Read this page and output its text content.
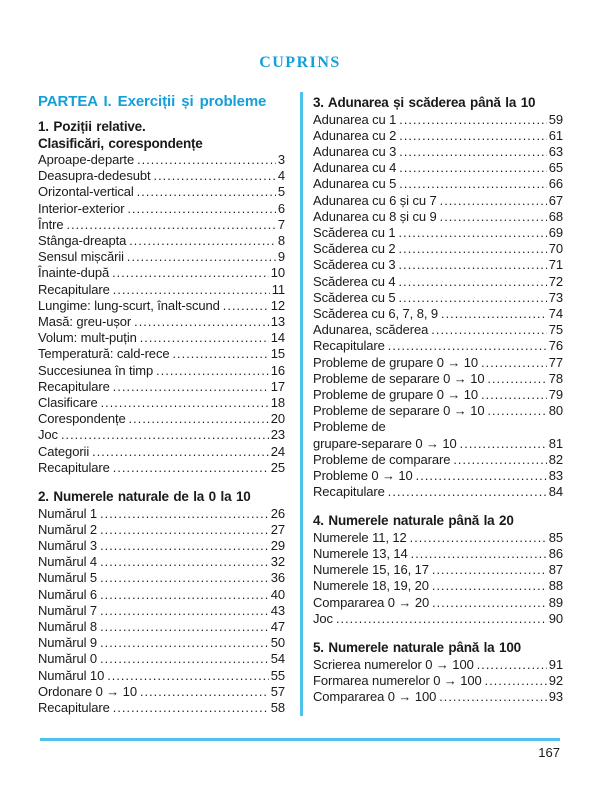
CUPRINS
PARTEA I. Exerciții și probleme
1. Poziții relative.
Clasificări, corespondențe
Aproape-departe .....	3
Deasupra-dedesubt .....	4
Orizontal-vertical .....	5
Interior-exterior .....	6
Între .....	7
Stânga-dreapta .....	8
Sensul mișcării .....	9
Înainte-după .....	10
Recapitulare .....	11
Lungime: lung-scurt, înalt-scund .....	12
Masă: greu-ușor .....	13
Volum: mult-puțin .....	14
Temperatură: cald-rece .....	15
Succesiunea în timp .....	16
Recapitulare .....	17
Clasificare .....	18
Corespondențe .....	20
Joc .....	23
Categorii .....	24
Recapitulare .....	25
2. Numerele naturale de la 0 la 10
Numărul 1 .....	26
Numărul 2 .....	27
Numărul 3 .....	29
Numărul 4 .....	32
Numărul 5 .....	36
Numărul 6 .....	40
Numărul 7 .....	43
Numărul 8 .....	47
Numărul 9 .....	50
Numărul 0 .....	54
Numărul 10 .....	55
Ordonare 0 → 10 .....	57
Recapitulare .....	58
3. Adunarea și scăderea până la 10
Adunarea cu 1 .....	59
Adunarea cu 2 .....	61
Adunarea cu 3 .....	63
Adunarea cu 4 .....	65
Adunarea cu 5 .....	66
Adunarea cu 6 și cu 7 .....	67
Adunarea cu 8 și cu 9 .....	68
Scăderea cu 1 .....	69
Scăderea cu 2 .....	70
Scăderea cu 3 .....	71
Scăderea cu 4 .....	72
Scăderea cu 5 .....	73
Scăderea cu 6, 7, 8, 9 .....	74
Adunarea, scăderea .....	75
Recapitulare .....	76
Probleme de grupare 0 → 10 .....	77
Probleme de separare 0 → 10 .....	78
Probleme de grupare 0 → 10 .....	79
Probleme de separare 0 → 10 .....	80
Probleme de
grupare-separare 0 → 10 .....	81
Probleme de comparare .....	82
Probleme 0 → 10 .....	83
Recapitulare .....	84
4. Numerele naturale până la 20
Numerele 11, 12 .....	85
Numerele 13, 14 .....	86
Numerele 15, 16, 17 .....	87
Numerele 18, 19, 20 .....	88
Compararea 0 → 20 .....	89
Joc .....	90
5. Numerele naturale până la 100
Scrierea numerelor 0 → 100 .....	91
Formarea numerelor 0 → 100 .....	92
Compararea 0 → 100 .....	93
167
